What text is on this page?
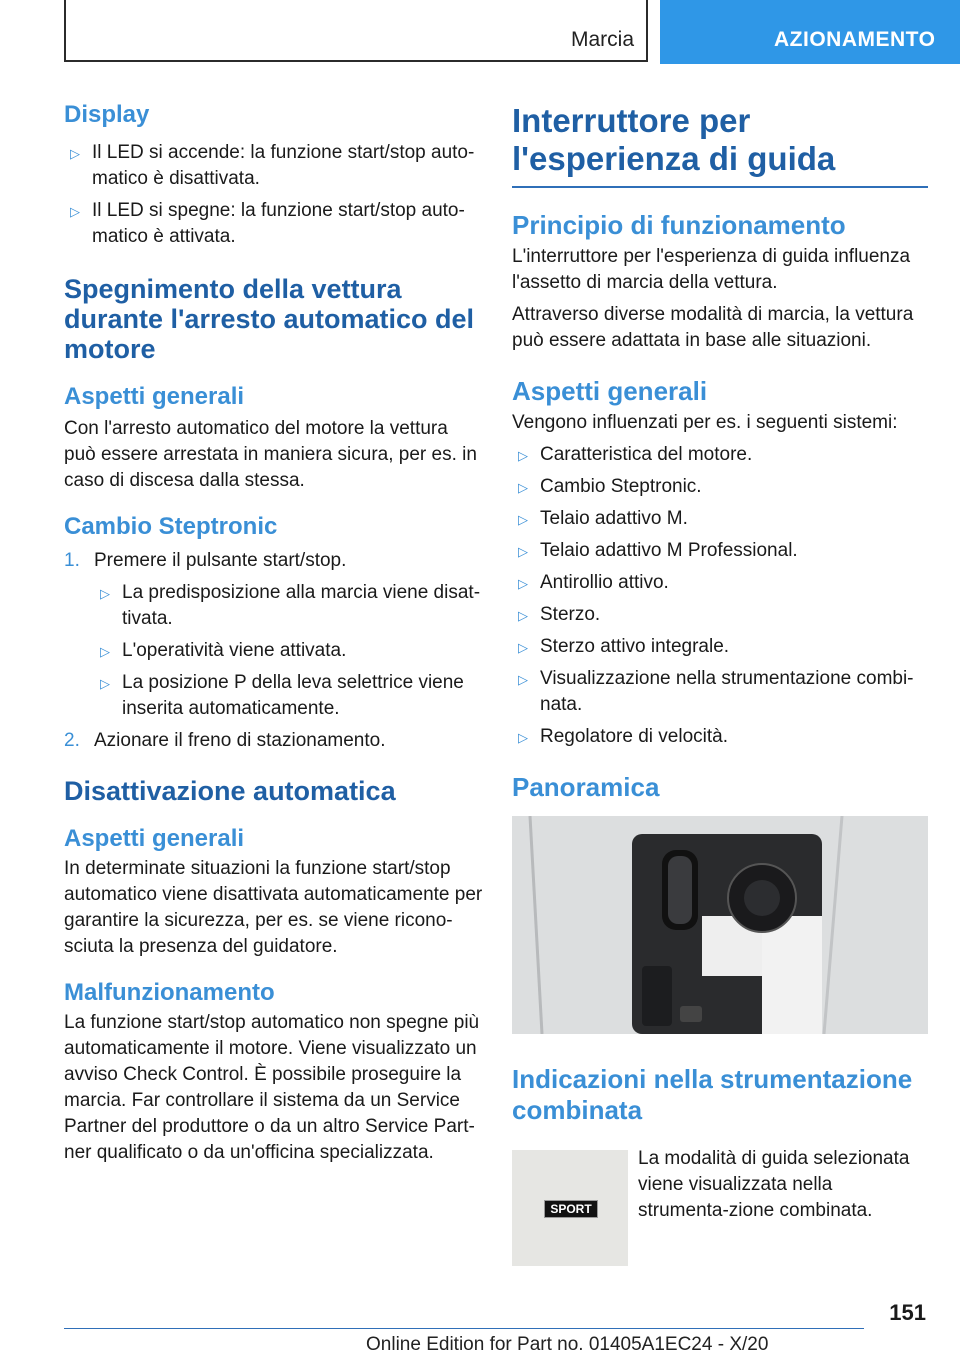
Marcia	AZIONAMENTO
Display
▷ Il LED si accende: la funzione start/stop auto-
matico è disattivata.
▷ Il LED si spegne: la funzione start/stop auto-
matico è attivata.
Spegnimento della vettura durante l'arresto automatico del motore
Aspetti generali

Con l'arresto automatico del motore la vettura può essere arrestata in maniera sicura, per es. in caso di discesa dalla stessa.

Cambio Steptronic
1. Premere il pulsante start/stop.
▷ La predisposizione alla marcia viene disat-
tivata.
▷ L'operatività viene attivata.
▷ La posizione P della leva selettrice viene
inserita automaticamente.
2. Azionare il freno di stazionamento.
Disattivazione automatica
Aspetti generali

In determinate situazioni la funzione start/stop automatico viene disattivata automaticamente per garantire la sicurezza, per es. se viene ricono-sciuta la presenza del guidatore.

Malfunzionamento

La funzione start/stop automatico non spegne più automaticamente il motore. Viene visualizzato un avviso Check Control. È possibile proseguire la marcia. Far controllare il sistema da un Service Partner del produttore o da un altro Service Part-ner qualificato o da un'officina specializzata.

Interruttore per l'esperienza di guida
Principio di funzionamento

L'interruttore per l'esperienza di guida influenza l'assetto di marcia della vettura.

Attraverso diverse modalità di marcia, la vettura può essere adattata in base alle situazioni.

Aspetti generali

Vengono influenzati per es. i seguenti sistemi:

▷ Caratteristica del motore.
▷ Cambio Steptronic.
▷ Telaio adattivo M.
▷ Telaio adattivo M Professional.
▷ Antirollio attivo.
▷ Sterzo.
▷ Sterzo attivo integrale.
▷ Visualizzazione nella strumentazione combi-
nata.
▷ Regolatore di velocità.
Panoramica
Indicazioni nella strumentazione combinata
SPORT

La modalità di guida selezionata viene visualizzata nella strumenta-zione combinata.

151
Online Edition for Part no. 01405A1EC24 - X/20
